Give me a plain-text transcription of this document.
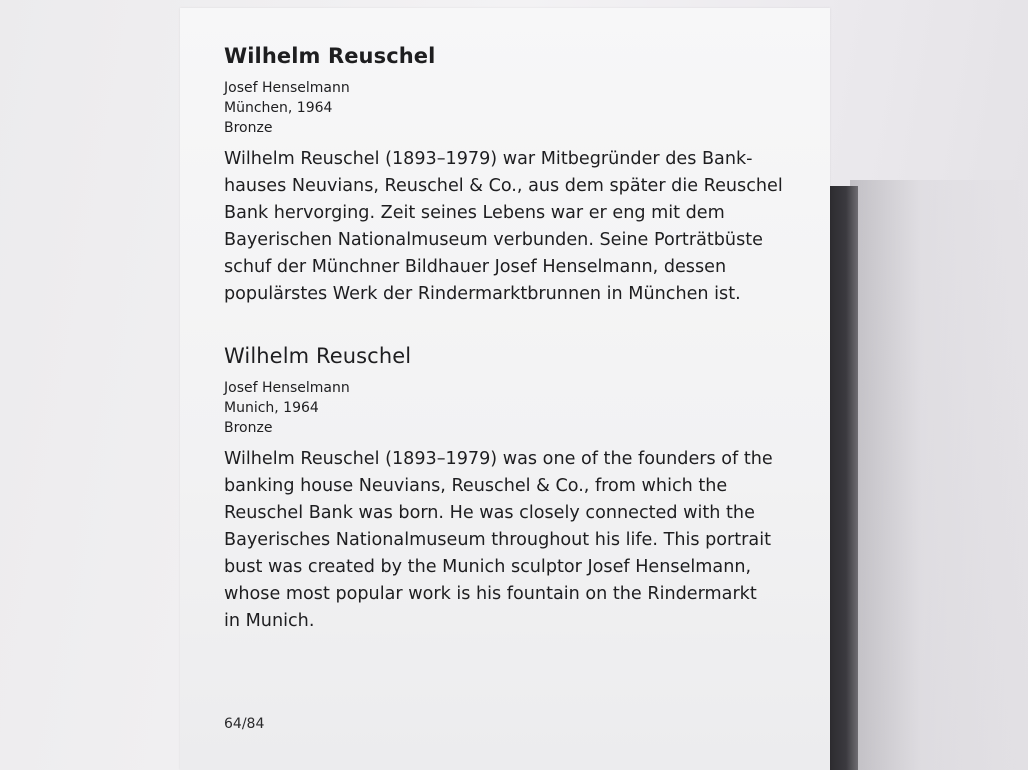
Wilhelm Reuschel

Josef Henselmann

München, 1964

Bronze

Wilhelm Reuschel (1893–1979) war Mitbegründer des Bank-
hauses Neuvians, Reuschel & Co., aus dem später die Reuschel
Bank hervorging. Zeit seines Lebens war er eng mit dem
Bayerischen Nationalmuseum verbunden. Seine Porträtbüste
schuf der Münchner Bildhauer Josef Henselmann, dessen
populärstes Werk der Rindermarktbrunnen in München ist.
Wilhelm Reuschel

Josef Henselmann

Munich, 1964

Bronze

Wilhelm Reuschel (1893–1979) was one of the founders of the
banking house Neuvians, Reuschel & Co., from which the
Reuschel Bank was born. He was closely connected with the
Bayerisches Nationalmuseum throughout his life. This portrait
bust was created by the Munich sculptor Josef Henselmann,
whose most popular work is his fountain on the Rindermarkt
in Munich.
64/84
